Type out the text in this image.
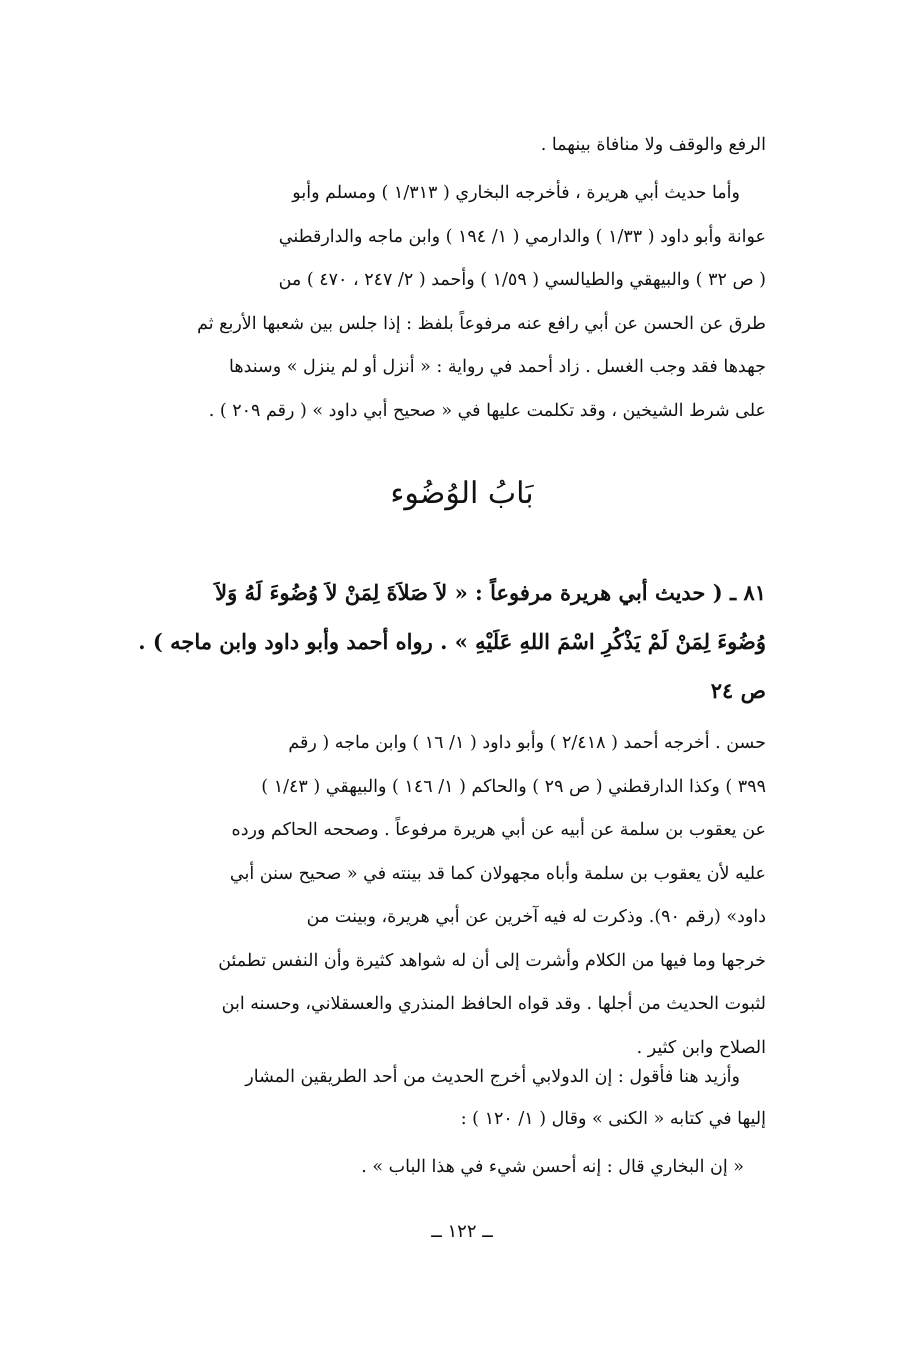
الرفع والوقف ولا منافاة بينهما .
وأما حديث أبي هريرة ، فأخرجه البخاري ( ١/٣١٣ ) ومسلم وأبو
عوانة وأبو داود ( ١/٣٣ ) والدارمي ( ١/ ١٩٤ ) وابن ماجه والدارقطني
( ص ٣٢ ) والبيهقي والطيالسي ( ١/٥٩ ) وأحمد ( ٢/ ٢٤٧ ، ٤٧٠ ) من
طرق عن الحسن عن أبي رافع عنه مرفوعاً بلفظ : إذا جلس بين شعبها الأربع ثم
جهدها فقد وجب الغسل . زاد أحمد في رواية : « أنزل أو لم ينزل » وسندها
على شرط الشيخين ، وقد تكلمت عليها في « صحيح أبي داود » ( رقم ٢٠٩ ) .
بَابُ الوُضُوء
٨١ ـ ( حديث أبي هريرة مرفوعاً : « لاَ صَلاَةَ لِمَنْ لاَ وُضُوءَ لَهُ وَلاَ
وُضُوءَ لِمَنْ لَمْ يَذْكُرِ اسْمَ اللهِ عَلَيْهِ » . رواه أحمد وأبو داود وابن ماجه ) .
ص ٢٤
حسن . أخرجه أحمد ( ٢/٤١٨ ) وأبو داود ( ١/ ١٦ ) وابن ماجه ( رقم
٣٩٩ ) وكذا الدارقطني ( ص ٢٩ ) والحاكم ( ١/ ١٤٦ ) والبيهقي ( ١/٤٣ )
عن يعقوب بن سلمة عن أبيه عن أبي هريرة مرفوعاً . وصححه الحاكم ورده
عليه لأن يعقوب بن سلمة وأباه مجهولان كما قد بينته في « صحيح سنن أبي
داود» (رقم ٩٠). وذكرت له فيه آخرين عن أبي هريرة، وبينت من
خرجها وما فيها من الكلام وأشرت إلى أن له شواهد كثيرة وأن النفس تطمئن
لثبوت الحديث من أجلها . وقد قواه الحافظ المنذري والعسقلاني، وحسنه ابن
الصلاح وابن كثير .
وأزيد هنا فأقول : إن الدولابي أخرج الحديث من أحد الطريقين المشار
إليها في كتابه « الكنى » وقال ( ١/ ١٢٠ ) :
« إن البخاري قال : إنه أحسن شيء في هذا الباب » .
ــ ١٢٢ ــ
